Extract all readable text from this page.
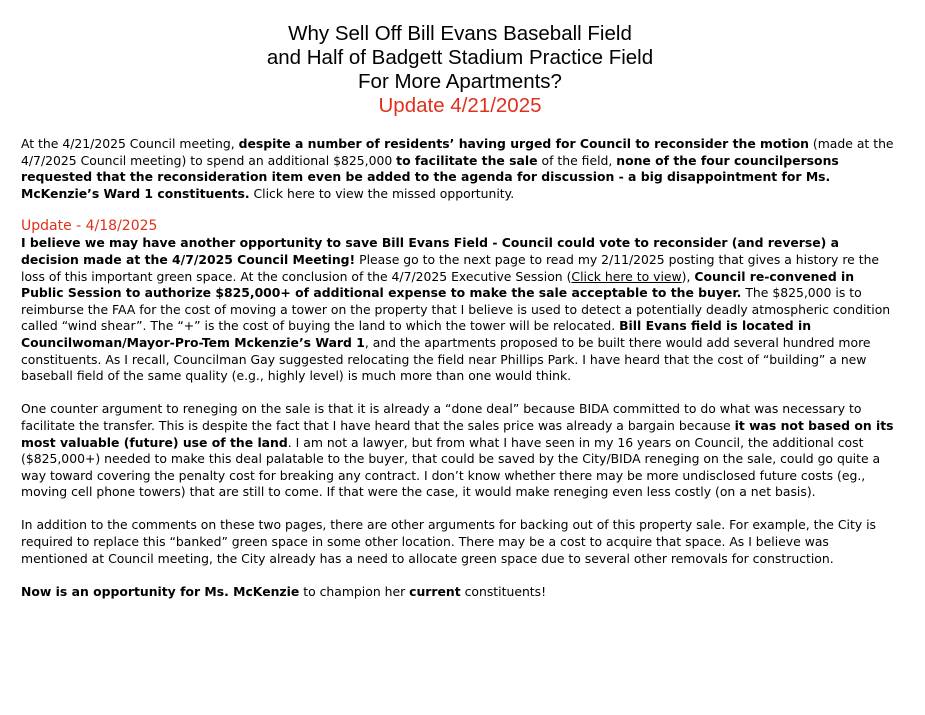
Why Sell Off Bill Evans Baseball Field
and Half of Badgett Stadium Practice Field
For More Apartments?
Update 4/21/2025

At the 4/21/2025 Council meeting, despite a number of residents’ having urged for Council to reconsider the motion (made at the 4/7/2025 Council meeting) to spend an additional $825,000 to facilitate the sale of the field, none of the four councilpersons requested that the reconsideration item even be added to the agenda for discussion - a big disappointment for Ms. McKenzie’s Ward 1 constituents. Click here to view the missed opportunity.

Update - 4/18/2025

I believe we may have another opportunity to save Bill Evans Field - Council could vote to reconsider (and reverse) a decision made at the 4/7/2025 Council Meeting! Please go to the next page to read my 2/11/2025 posting that gives a history re the loss of this important green space. At the conclusion of the 4/7/2025 Executive Session (Click here to view), Council re-convened in Public Session to authorize $825,000+ of additional expense to make the sale acceptable to the buyer. The $825,000 is to reimburse the FAA for the cost of moving a tower on the property that I believe is used to detect a potentially deadly atmospheric condition called “wind shear”. The “+” is the cost of buying the land to which the tower will be relocated. Bill Evans field is located in Councilwoman/Mayor-Pro-Tem Mckenzie’s Ward 1, and the apartments proposed to be built there would add several hundred more constituents. As I recall, Councilman Gay suggested relocating the field near Phillips Park. I have heard that the cost of “building” a new baseball field of the same quality (e.g., highly level) is much more than one would think.

One counter argument to reneging on the sale is that it is already a “done deal” because BIDA committed to do what was necessary to facilitate the transfer. This is despite the fact that I have heard that the sales price was already a bargain because it was not based on its most valuable (future) use of the land. I am not a lawyer, but from what I have seen in my 16 years on Council, the additional cost ($825,000+) needed to make this deal palatable to the buyer, that could be saved by the City/BIDA reneging on the sale, could go quite a way toward covering the penalty cost for breaking any contract. I don’t know whether there may be more undisclosed future costs (eg., moving cell phone towers) that are still to come. If that were the case, it would make reneging even less costly (on a net basis).

In addition to the comments on these two pages, there are other arguments for backing out of this property sale. For example, the City is required to replace this “banked” green space in some other location. There may be a cost to acquire that space. As I believe was mentioned at Council meeting, the City already has a need to allocate green space due to several other removals for construction.

Now is an opportunity for Ms. McKenzie to champion her current constituents!
